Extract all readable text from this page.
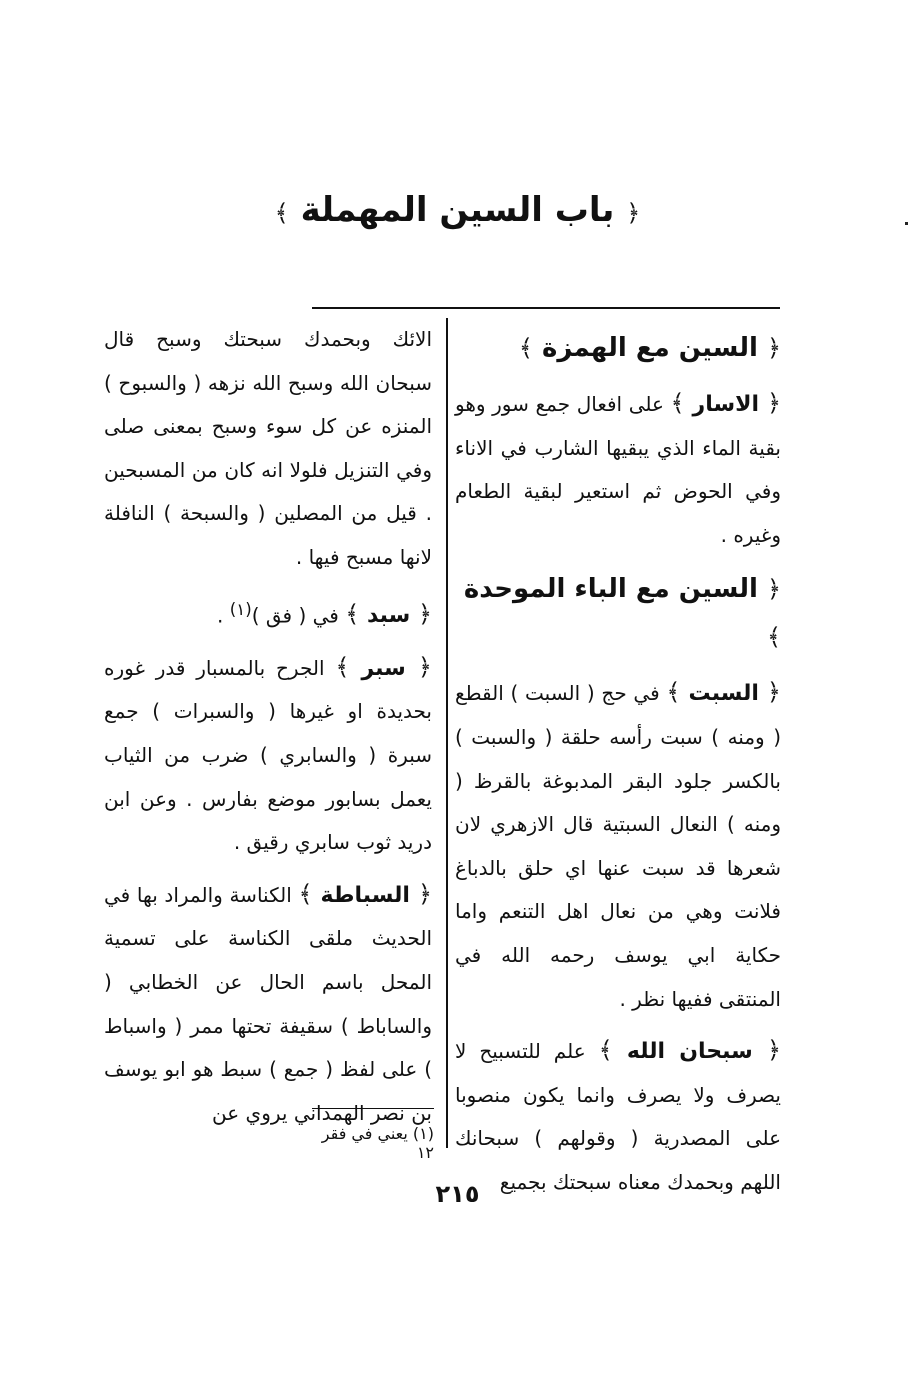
﴿ باب السين المهملة ﴾
﴿ السين مع الهمزة ﴾

﴿ الاسار ﴾ على افعال جمع سور وهو بقية الماء الذي يبقيها الشارب في الاناء وفي الحوض ثم استعير لبقية الطعام وغيره .

﴿ السين مع الباء الموحدة ﴾

﴿ السبت ﴾ في حج ( السبت ) القطع ( ومنه ) سبت رأسه حلقة ( والسبت ) بالكسر جلود البقر المدبوغة بالقرظ ( ومنه ) النعال السبتية قال الازهري لان شعرها قد سبت عنها اي حلق بالدباغ فلانت وهي من نعال اهل التنعم واما حكاية ابي يوسف رحمه الله في المنتقى ففيها نظر .

﴿ سبحان الله ﴾ علم للتسبيح لا يصرف ولا يصرف وانما يكون منصوبا على المصدرية ( وقولهم ) سبحانك اللهم وبحمدك معناه سبحتك بجميع

الائك وبحمدك سبحتك وسبح قال سبحان الله وسبح الله نزهه ( والسبوح ) المنزه عن كل سوء وسبح بمعنى صلى وفي التنزيل فلولا انه كان من المسبحين . قيل من المصلين ( والسبحة ) النافلة لانها مسبح فيها .

﴿ سبد ﴾ في ( فق )$^{(١)}$ .

﴿ سبر ﴾ الجرح بالمسبار قدر غوره بحديدة او غيرها ( والسبرات ) جمع سبرة ( والسابري ) ضرب من الثياب يعمل بسابور موضع بفارس . وعن ابن دريد ثوب سابري رقيق .

﴿ السباطة ﴾ الكناسة والمراد بها في الحديث ملقى الكناسة على تسمية المحل باسم الحال عن الخطابي ( والساباط ) سقيفة تحتها ممر ( واسباط ) على لفظ ( جمع ) سبط هو ابو يوسف بن نصر الهمداني يروي عن

(١) يعني في فقر ١٢
٢١٥
